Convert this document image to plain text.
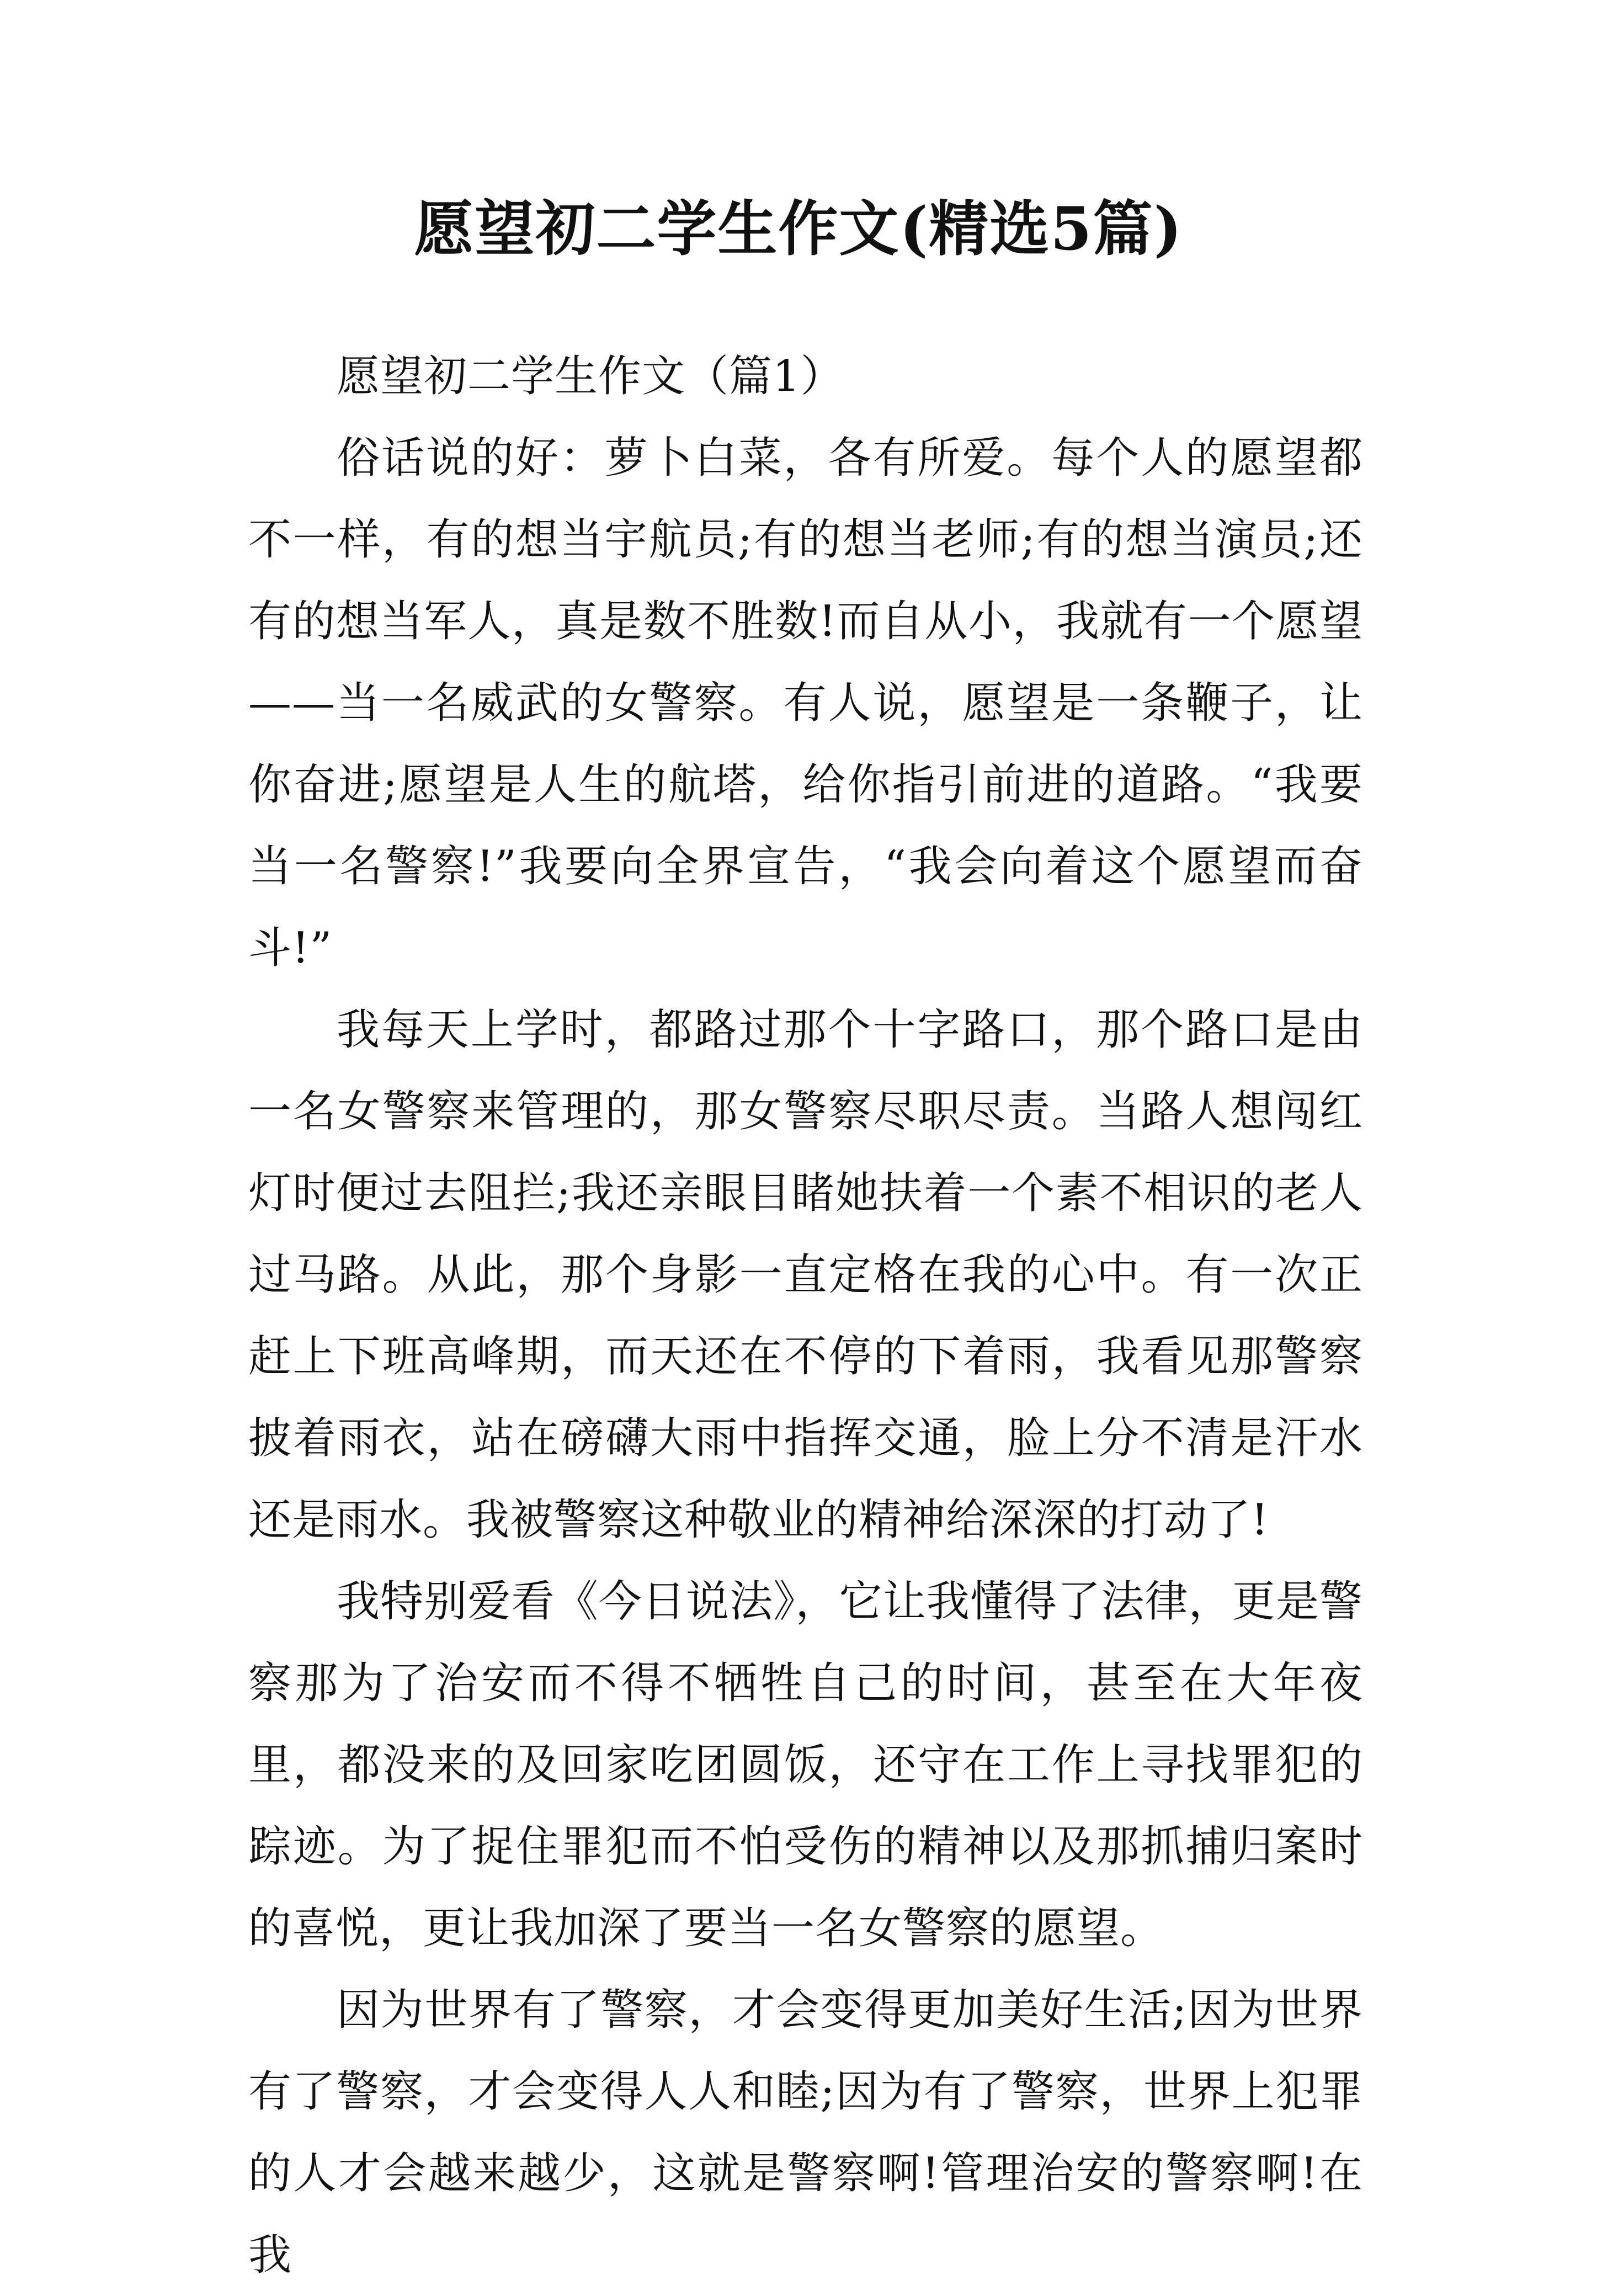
愿望初二学生作文(精选5篇)

愿望初二学生作文（篇1）

俗话说的好：萝卜白菜，各有所爱。每个人的愿望都不一样，有的想当宇航员;有的想当老师;有的想当演员;还有的想当军人，真是数不胜数!而自从小，我就有一个愿望——当一名威武的女警察。有人说，愿望是一条鞭子，让你奋进;愿望是人生的航塔，给你指引前进的道路。“我要当一名警察!”我要向全界宣告，“我会向着这个愿望而奋斗!”

我每天上学时，都路过那个十字路口，那个路口是由一名女警察来管理的，那女警察尽职尽责。当路人想闯红灯时便过去阻拦;我还亲眼目睹她扶着一个素不相识的老人过马路。从此，那个身影一直定格在我的心中。有一次正赶上下班高峰期，而天还在不停的下着雨，我看见那警察披着雨衣，站在磅礴大雨中指挥交通，脸上分不清是汗水还是雨水。我被警察这种敬业的精神给深深的打动了!

我特别爱看《今日说法》，它让我懂得了法律，更是警察那为了治安而不得不牺牲自己的时间，甚至在大年夜里，都没来的及回家吃团圆饭，还守在工作上寻找罪犯的踪迹。为了捉住罪犯而不怕受伤的精神以及那抓捕归案时的喜悦，更让我加深了要当一名女警察的愿望。

因为世界有了警察，才会变得更加美好生活;因为世界有了警察，才会变得人人和睦;因为有了警察，世界上犯罪的人才会越来越少，这就是警察啊!管理治安的警察啊!在我
